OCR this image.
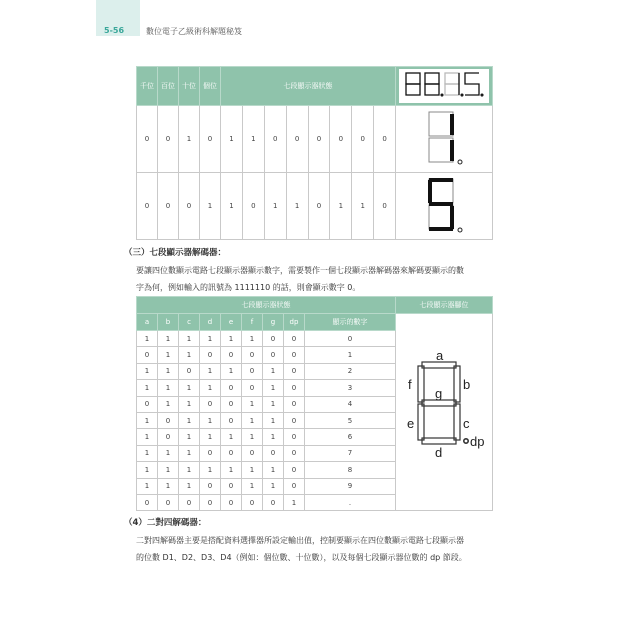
5-56	數位電子乙級術科解題秘笈
千位	百位	十位	個位	七段顯示器狀態	
0	0	1	0	1	1	0	0	0	0	0	0	
0	0	0	1	1	0	1	1	0	1	1	0	
（三）七段顯示器解碼器：
要讓四位數顯示電路七段顯示器顯示數字，需要製作一個七段顯示器解碼器來解碼要顯示的數
字為何，例如輸入的訊號為 1111110 的話，則會顯示數字 0。
七段顯示器狀態									七段顯示器腳位
a	b	c	d	e	f	g	dp	顯示的數字	
a
b
f
g
e	c
d
dp

1	1	1	1	1	1	0	0	0	
0	1	1	0	0	0	0	0	1	
1	1	0	1	1	0	1	0	2	
1	1	1	1	0	0	1	0	3	
0	1	1	0	0	1	1	0	4	
1	0	1	1	0	1	1	0	5	
1	0	1	1	1	1	1	0	6	
1	1	1	0	0	0	0	0	7	
1	1	1	1	1	1	1	0	8	
1	1	1	0	0	1	1	0	9	
0	0	0	0	0	0	0	1	.	
（4）二對四解碼器：
二對四解碼器主要是搭配資料選擇器所設定輸出值，控制要顯示在四位數顯示電路七段顯示器
的位數 D1、D2、D3、D4（例如：個位數、十位數），以及每個七段顯示器位數的 dp 節段。
